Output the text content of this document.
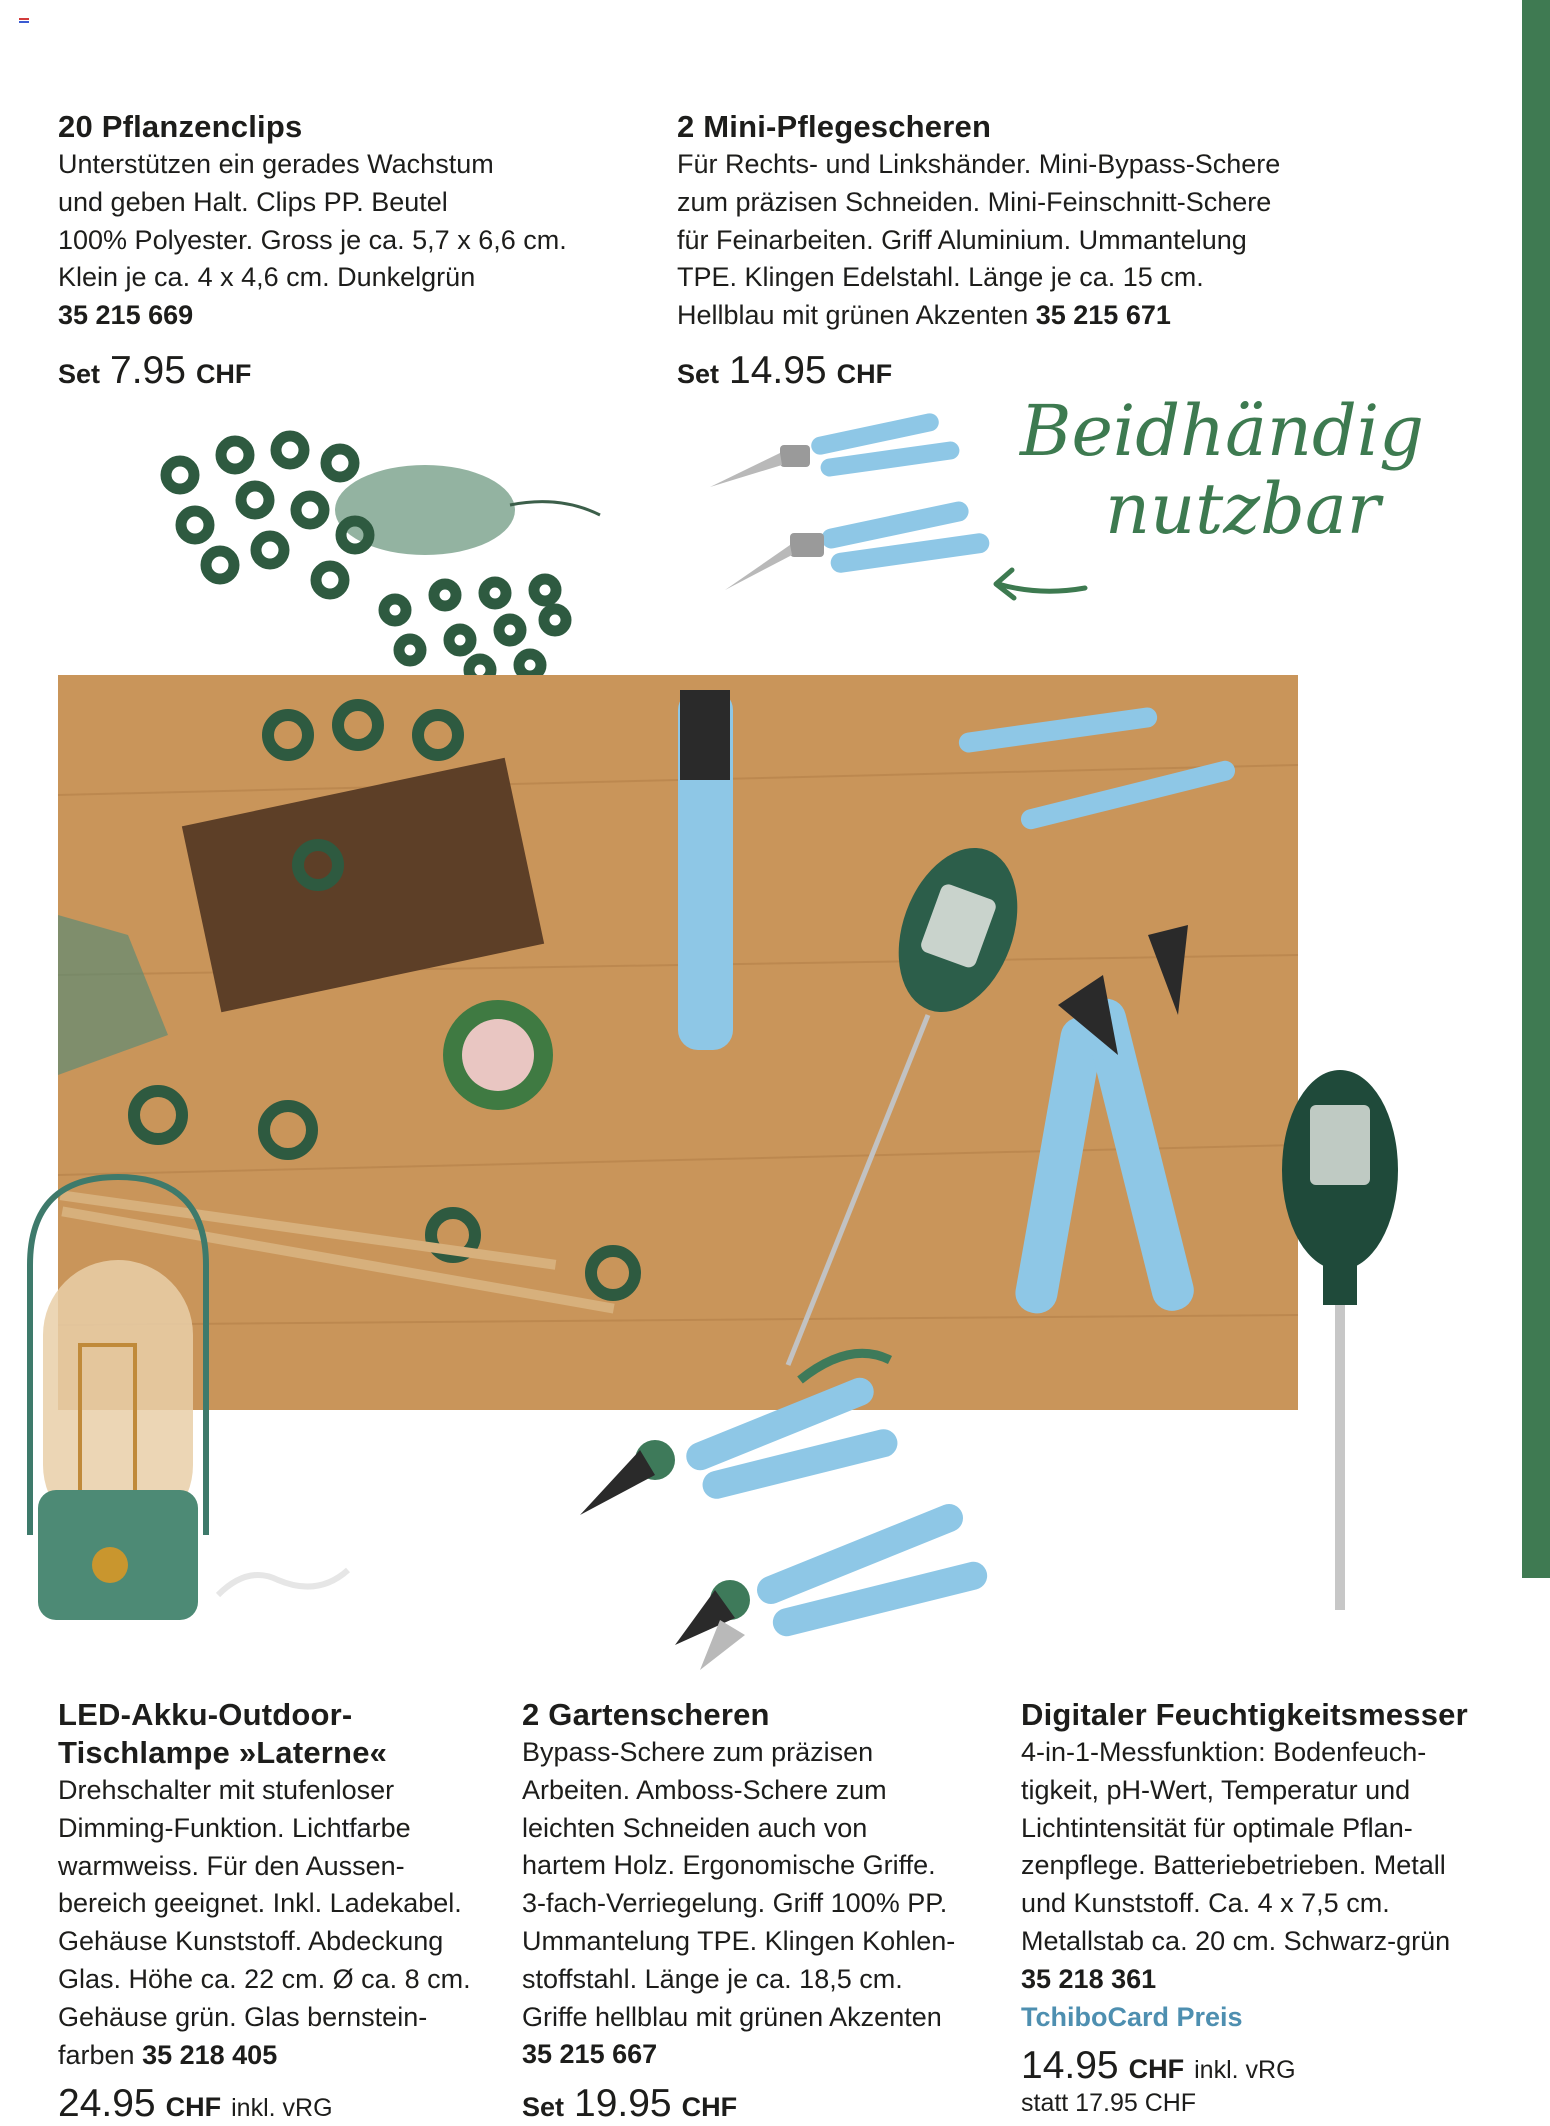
20 Pflanzenclips

Unterstützen ein gerades Wachstum
und geben Halt. Clips PP. Beutel
100% Polyester. Gross je ca. 5,7 x 6,6 cm.
Klein je ca. 4 x 4,6 cm. Dunkelgrün
35 215 669

Set 7.95 CHF
2 Mini-Pflegescheren

Für Rechts- und Linkshänder. Mini-Bypass-Schere
zum präzisen Schneiden. Mini-Feinschnitt-Schere
für Feinarbeiten. Griff Aluminium. Ummantelung
TPE. Klingen Edelstahl. Länge je ca. 15 cm.
Hellblau mit grünen Akzenten 35 215 671

Set 14.95 CHF
Beidhändig
nutzbar
LED-Akku-Outdoor-
Tischlampe »Laterne«

Drehschalter mit stufenloser
Dimming-Funktion. Lichtfarbe
warmweiss. Für den Aussen-
bereich geeignet. Inkl. Ladekabel.
Gehäuse Kunststoff. Abdeckung
Glas. Höhe ca. 22 cm. Ø ca. 8 cm.
Gehäuse grün. Glas bernstein-
farben 35 218 405

24.95 CHF inkl. vRG
2 Gartenscheren

Bypass-Schere zum präzisen
Arbeiten. Amboss-Schere zum
leichten Schneiden auch von
hartem Holz. Ergonomische Griffe.
3-fach-Verriegelung. Griff 100% PP.
Ummantelung TPE. Klingen Kohlen-
stoffstahl. Länge je ca. 18,5 cm.
Griffe hellblau mit grünen Akzenten
35 215 667

Set 19.95 CHF
Digitaler Feuchtigkeitsmesser

4-in-1-Messfunktion: Bodenfeuch-
tigkeit, pH-Wert, Temperatur und
Lichtintensität für optimale Pflan-
zenpflege. Batteriebetrieben. Metall
und Kunststoff. Ca. 4 x 7,5 cm.
Metallstab ca. 20 cm. Schwarz-grün
35 218 361

TchiboCard Preis
14.95 CHF inkl. vRG
statt 17.95 CHF
